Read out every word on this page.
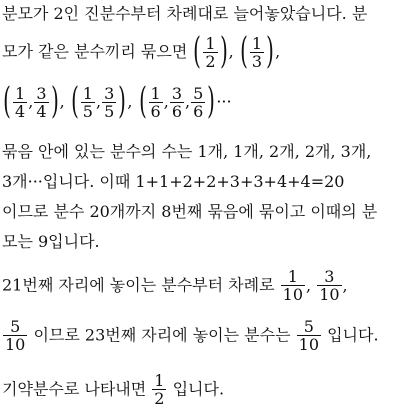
분모가 2인 진분수부터 차례대로 늘어놓았습니다. 분
모가 같은 분수끼리 묶으면 ( $\frac{1}{2}$ ), ( $\frac{1}{3}$ ),
( $\frac{1}{4}$ , $\frac{3}{4}$ ), ( $\frac{1}{5}$ , $\frac{3}{5}$ ), ( $\frac{1}{6}$ , $\frac{3}{6}$ , $\frac{5}{6}$ )···
묶음 안에 있는 분수의 수는 1개, 1개, 2개, 2개, 3개,
3개···입니다. 이때 1+1+2+2+3+3+4+4=20
이므로 분수 20개까지 8번째 묶음에 묶이고 이때의 분
모는 9입니다.
21번째 자리에 놓이는 분수부터 차례로 $\frac{1}{10}$ , $\frac{3}{10}$ ,
$\frac{5}{10}$ 이므로 23번째 자리에 놓이는 분수는 $\frac{5}{10}$ 입니다.
기약분수로 나타내면 $\frac{1}{2}$ 입니다.
